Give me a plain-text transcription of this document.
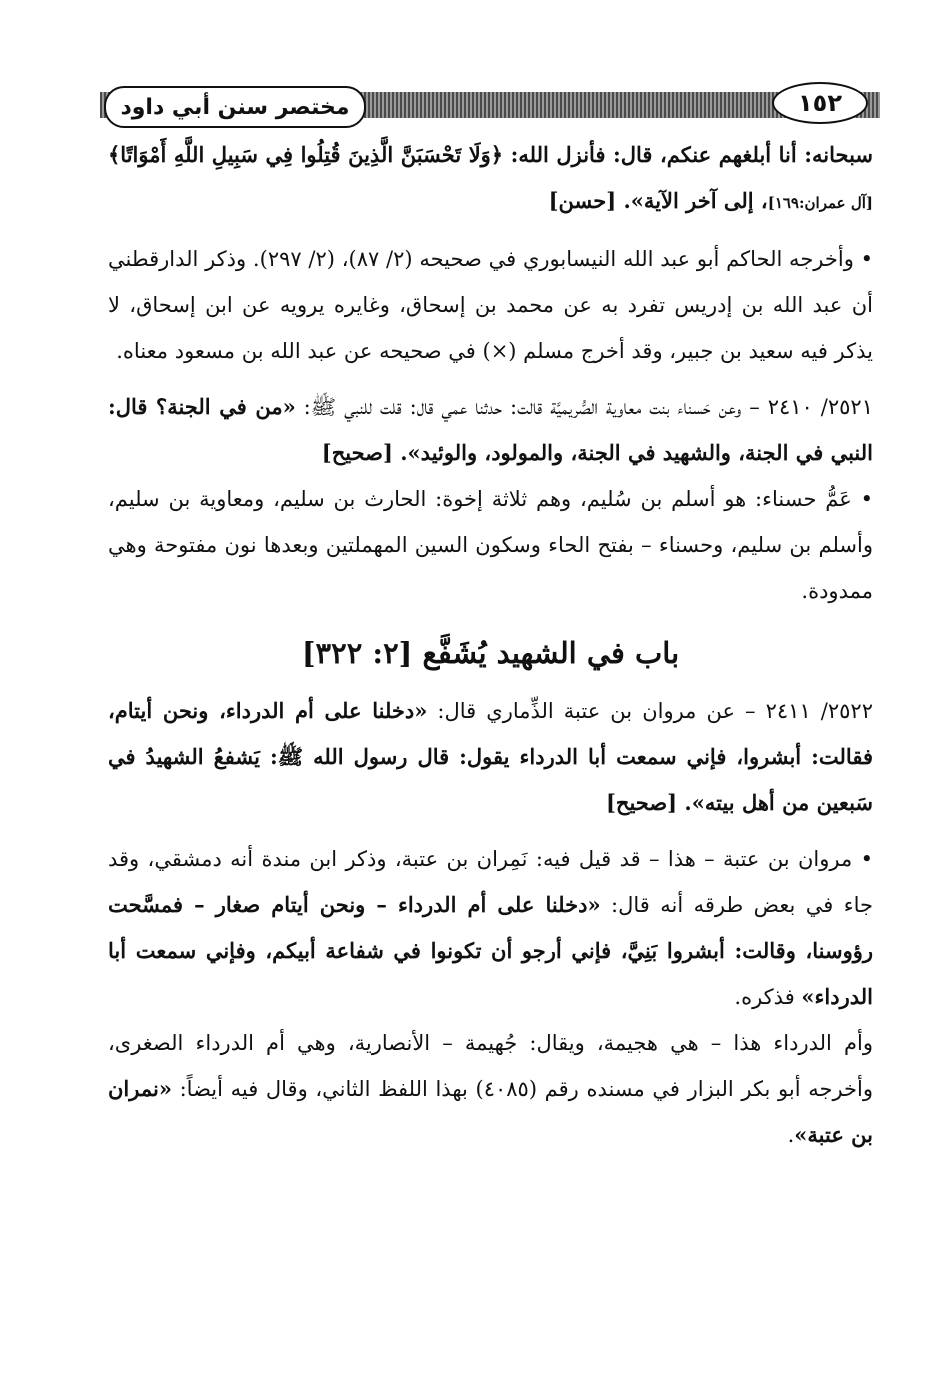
مختصر سنن أبي داود	١٥٢

سبحانه: أنا أبلغهم عنكم، قال: فأنزل الله: ﴿وَلَا تَحْسَبَنَّ الَّذِينَ قُتِلُوا فِي سَبِيلِ اللَّهِ أَمْوَاتًا﴾[آل عمران:١٦٩]، إلى آخر الآية». [حسن]

• وأخرجه الحاكم أبو عبد الله النيسابوري في صحيحه (٢/ ٨٧)، (٢/ ٢٩٧). وذكر الدارقطني أن عبد الله بن إدريس تفرد به عن محمد بن إسحاق، وغايره يرويه عن ابن إسحاق، لا يذكر فيه سعيد بن جبير، وقد أخرج مسلم (×) في صحيحه عن عبد الله بن مسعود معناه.

٢٥٢١/ ٢٤١٠ – وعن حَسناء بنت معاوية الصُّريميَّة قالت: حدثنا عمي قال: قلت للنبي ﷺ: «من في الجنة؟ قال: النبي في الجنة، والشهيد في الجنة، والمولود، والوئيد». [صحيح]

• عَمُّ حسناء: هو أسلم بن سُليم، وهم ثلاثة إخوة: الحارث بن سليم، ومعاوية بن سليم، وأسلم بن سليم، وحسناء – بفتح الحاء وسكون السين المهملتين وبعدها نون مفتوحة وهي ممدودة.

باب في الشهيد يُشَفَّع [٢: ٣٢٢]

٢٥٢٢/ ٢٤١١ – عن مروان بن عتبة الذِّماري قال: «دخلنا على أم الدرداء، ونحن أيتام، فقالت: أبشروا، فإني سمعت أبا الدرداء يقول: قال رسول الله ﷺ: يَشفعُ الشهيدُ في سَبعين من أهل بيته». [صحيح]

• مروان بن عتبة – هذا – قد قيل فيه: نَمِران بن عتبة، وذكر ابن مندة أنه دمشقي، وقد جاء في بعض طرقه أنه قال: «دخلنا على أم الدرداء – ونحن أيتام صغار – فمسَّحت رؤوسنا، وقالت: أبشروا بَنِيَّ، فإني أرجو أن تكونوا في شفاعة أبيكم، وفإني سمعت أبا الدرداء» فذكره.

وأم الدرداء هذا – هي هجيمة، ويقال: جُهيمة – الأنصارية، وهي أم الدرداء الصغرى، وأخرجه أبو بكر البزار في مسنده رقم (٤٠٨٥) بهذا اللفظ الثاني، وقال فيه أيضاً: «نمران بن عتبة».
